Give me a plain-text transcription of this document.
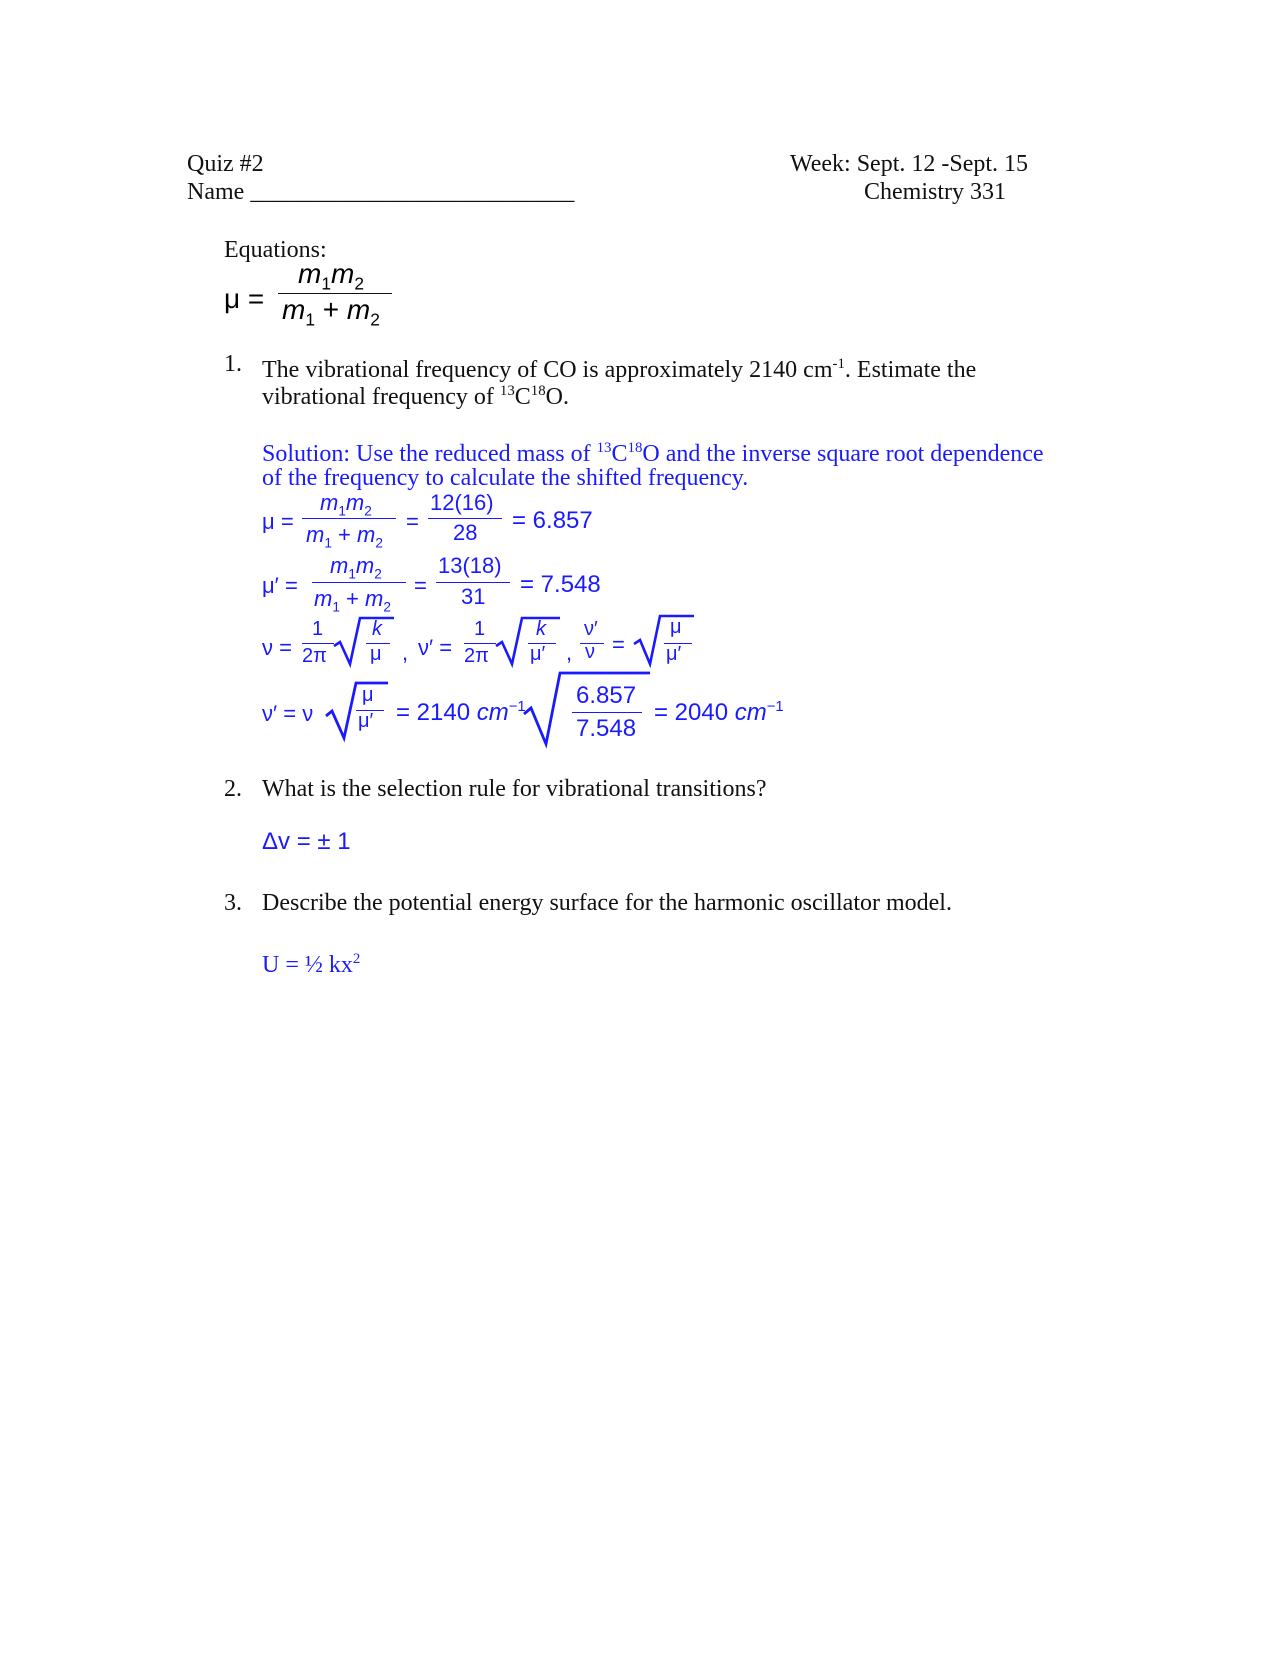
Quiz #2
Name ___________________________
Week: Sept. 12 -Sept. 15
Chemistry 331
Equations:
μ =
$m_1m_2$
$m_1 + m_2$
1. The vibrational frequency of CO is approximately 2140 $cm^{-1}$. Estimate the
vibrational frequency of $^{13}C^{18}O$.
Solution: Use the reduced mass of $^{13}C^{18}O$ and the inverse square root dependence
of the frequency to calculate the shifted frequency.
μ =
$m_1m_2$
$m_1 + m_2$
=
12(16)
28 = 6.857
μ′ =
$m_1m_2$
$m_1 + m_2$
=
13(18)
31 = 7.548
ν =
1
2π
k
μ , ν′ =
1
2π
k
μ′ ,
ν′
ν =
μ
μ′
ν′ = ν
μ
μ′ = 2140 $cm^{-1}$ 6.857
7.548
= 2040 $cm^{-1}$
2. What is the selection rule for vibrational transitions?
Δv = ± 1
3. Describe the potential energy surface for the harmonic oscillator model.
U = ½ $kx^2$
